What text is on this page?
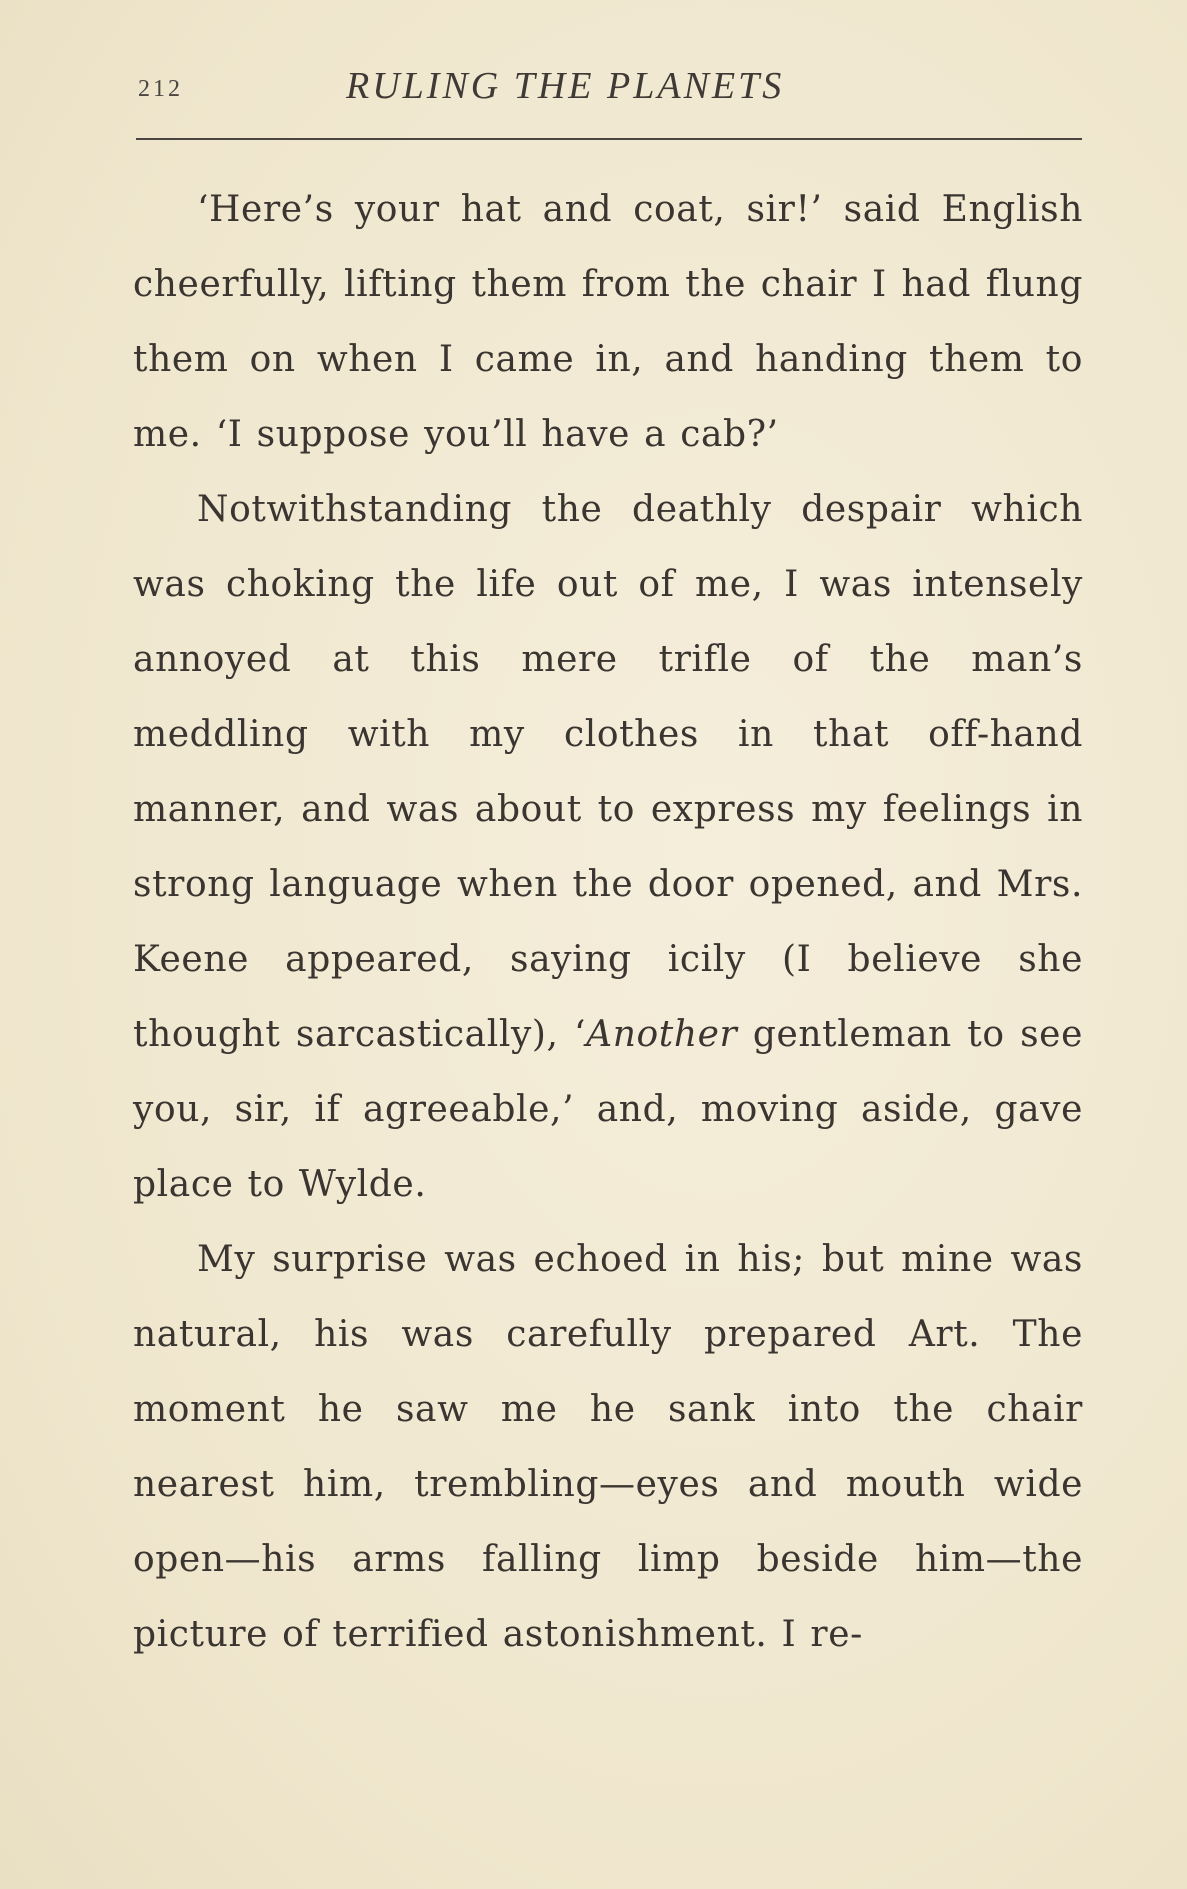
212	RULING THE PLANETS

‘Here’s your hat and coat, sir!’ said English cheerfully, lifting them from the chair I had flung them on when I came in, and handing them to me. ‘I suppose you’ll have a cab?’

Notwithstanding the deathly despair which was choking the life out of me, I was intensely annoyed at this mere trifle of the man’s meddling with my clothes in that off-hand manner, and was about to express my feelings in strong language when the door opened, and Mrs. Keene appeared, saying icily (I believe she thought sarcastically), ‘Another gentleman to see you, sir, if agreeable,’ and, moving aside, gave place to Wylde.

My surprise was echoed in his; but mine was natural, his was carefully prepared Art. The moment he saw me he sank into the chair nearest him, trembling—eyes and mouth wide open—his arms falling limp beside him—the picture of terrified astonishment. I re-
